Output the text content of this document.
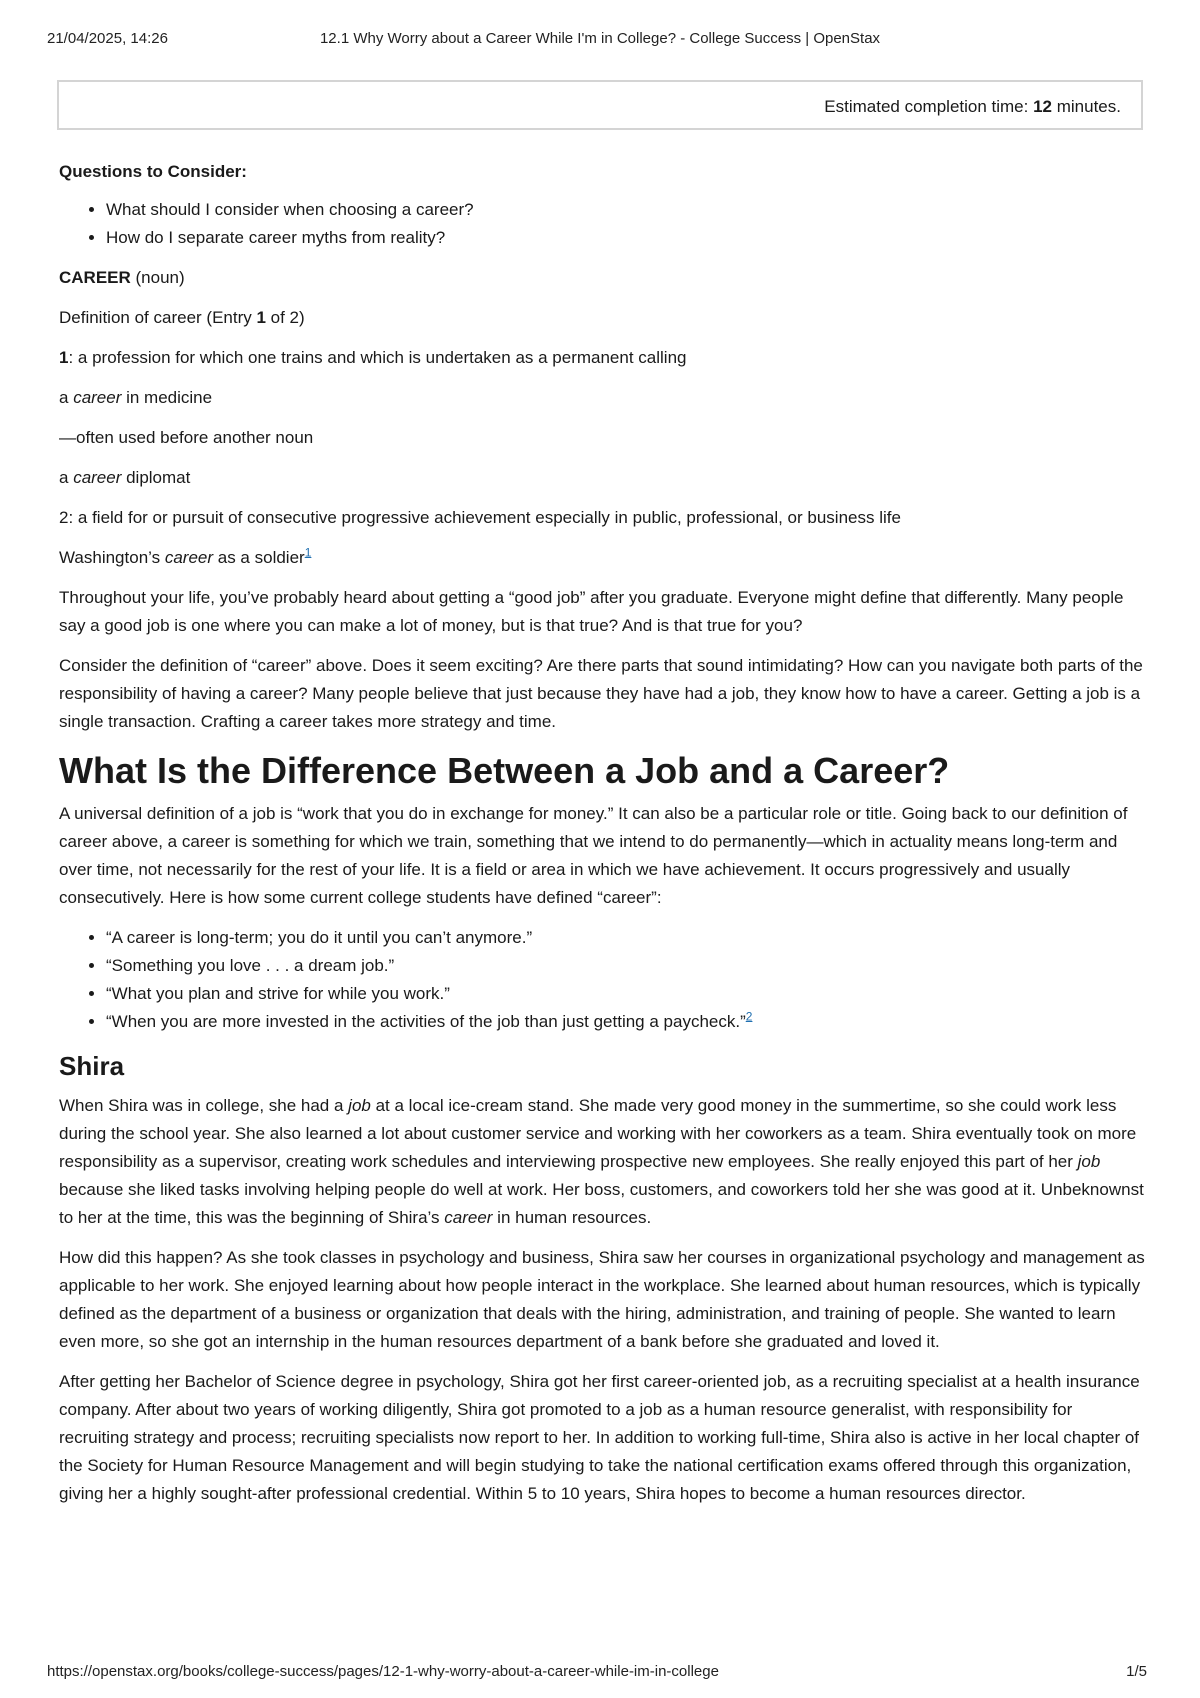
21/04/2025, 14:26	12.1 Why Worry about a Career While I'm in College? - College Success | OpenStax
Estimated completion time: 12 minutes.

Questions to Consider:

• What should I consider when choosing a career?
• How do I separate career myths from reality?

CAREER (noun)

Definition of career (Entry 1 of 2)

1: a profession for which one trains and which is undertaken as a permanent calling

a career in medicine

—often used before another noun

a career diplomat

2: a field for or pursuit of consecutive progressive achievement especially in public, professional, or business life

Washington’s career as a soldier$^1$

Throughout your life, you’ve probably heard about getting a “good job” after you graduate. Everyone might define that differently. Many people say a good job is one where you can make a lot of money, but is that true? And is that true for you?

Consider the definition of “career” above. Does it seem exciting? Are there parts that sound intimidating? How can you navigate both parts of the responsibility of having a career? Many people believe that just because they have had a job, they know how to have a career. Getting a job is a single transaction. Crafting a career takes more strategy and time.

What Is the Difference Between a Job and a Career?

A universal definition of a job is “work that you do in exchange for money.” It can also be a particular role or title. Going back to our definition of career above, a career is something for which we train, something that we intend to do permanently—which in actuality means long-term and over time, not necessarily for the rest of your life. It is a field or area in which we have achievement. It occurs progressively and usually consecutively. Here is how some current college students have defined “career”:

• “A career is long-term; you do it until you can’t anymore.”
• “Something you love . . . a dream job.”
• “What you plan and strive for while you work.”
• “When you are more invested in the activities of the job than just getting a paycheck.”$^2$
Shira

When Shira was in college, she had a job at a local ice-cream stand. She made very good money in the summertime, so she could work less during the school year. She also learned a lot about customer service and working with her coworkers as a team. Shira eventually took on more responsibility as a supervisor, creating work schedules and interviewing prospective new employees. She really enjoyed this part of her job because she liked tasks involving helping people do well at work. Her boss, customers, and coworkers told her she was good at it. Unbeknownst to her at the time, this was the beginning of Shira’s career in human resources.

How did this happen? As she took classes in psychology and business, Shira saw her courses in organizational psychology and management as applicable to her work. She enjoyed learning about how people interact in the workplace. She learned about human resources, which is typically defined as the department of a business or organization that deals with the hiring, administration, and training of people. She wanted to learn even more, so she got an internship in the human resources department of a bank before she graduated and loved it.

After getting her Bachelor of Science degree in psychology, Shira got her first career-oriented job, as a recruiting specialist at a health insurance company. After about two years of working diligently, Shira got promoted to a job as a human resource generalist, with responsibility for recruiting strategy and process; recruiting specialists now report to her. In addition to working full-time, Shira also is active in her local chapter of the Society for Human Resource Management and will begin studying to take the national certification exams offered through this organization, giving her a highly sought-after professional credential. Within 5 to 10 years, Shira hopes to become a human resources director.

https://openstax.org/books/college-success/pages/12-1-why-worry-about-a-career-while-im-in-college	1/5
